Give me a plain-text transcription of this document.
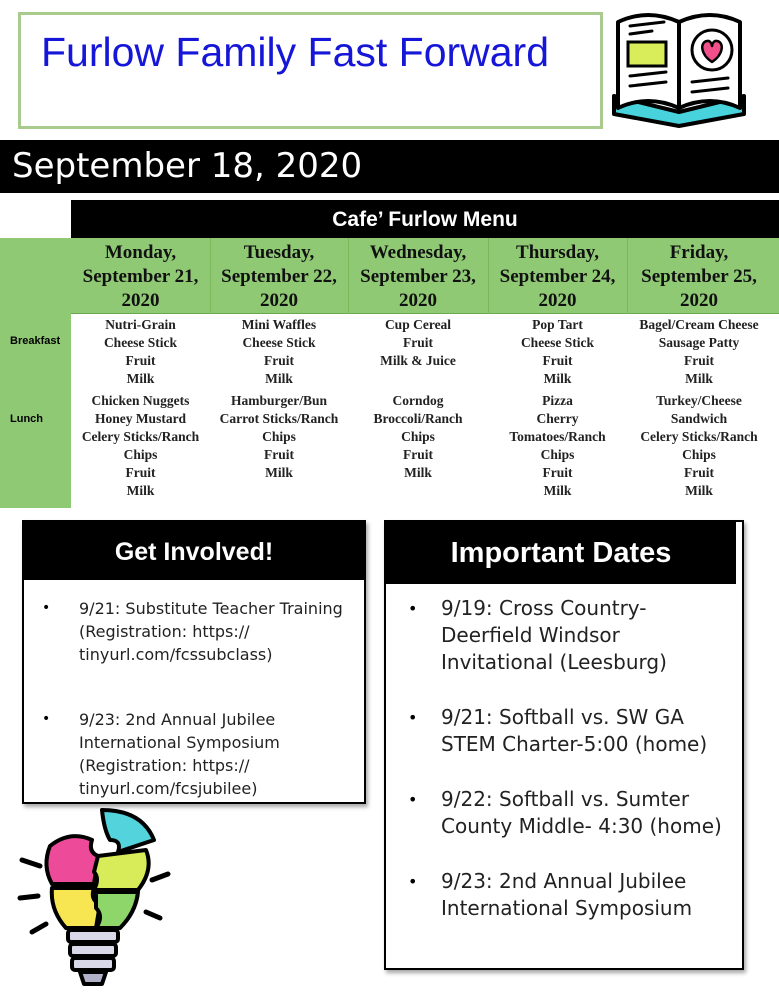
Furlow Family Fast Forward
September 18, 2020
Cafe’ Furlow Menu
Breakfast
Lunch
Monday,
September 21,
2020
Nutri-Grain
Cheese Stick
Fruit
Milk
Chicken Nuggets
Honey Mustard
Celery Sticks/Ranch
Chips
Fruit
Milk
Tuesday,
September 22,
2020
Mini Waffles
Cheese Stick
Fruit
Milk
Hamburger/Bun
Carrot Sticks/Ranch
Chips
Fruit
Milk
Wednesday,
September 23,
2020
Cup Cereal
Fruit
Milk & Juice
Corndog
Broccoli/Ranch
Chips
Fruit
Milk
Thursday,
September 24,
2020
Pop Tart
Cheese Stick
Fruit
Milk
Pizza
Cherry
Tomatoes/Ranch
Chips
Fruit
Milk
Friday,
September 25,
2020
Bagel/Cream Cheese
Sausage Patty
Fruit
Milk
Turkey/Cheese
Sandwich
Celery Sticks/Ranch
Chips
Fruit
Milk
Get Involved!
• 9/21: Substitute Teacher Training (Registration: https:// tinyurl.com/fcssubclass)
• 9/23: 2nd Annual Jubilee International Symposium (Registration: https:// tinyurl.com/fcsjubilee)
Important Dates
• 9/19: Cross Country- Deerfield Windsor Invitational (Leesburg)
• 9/21: Softball vs. SW GA STEM Charter-5:00 (home)
• 9/22: Softball vs. Sumter County Middle- 4:30 (home)
• 9/23: 2nd Annual Jubilee International Symposium
